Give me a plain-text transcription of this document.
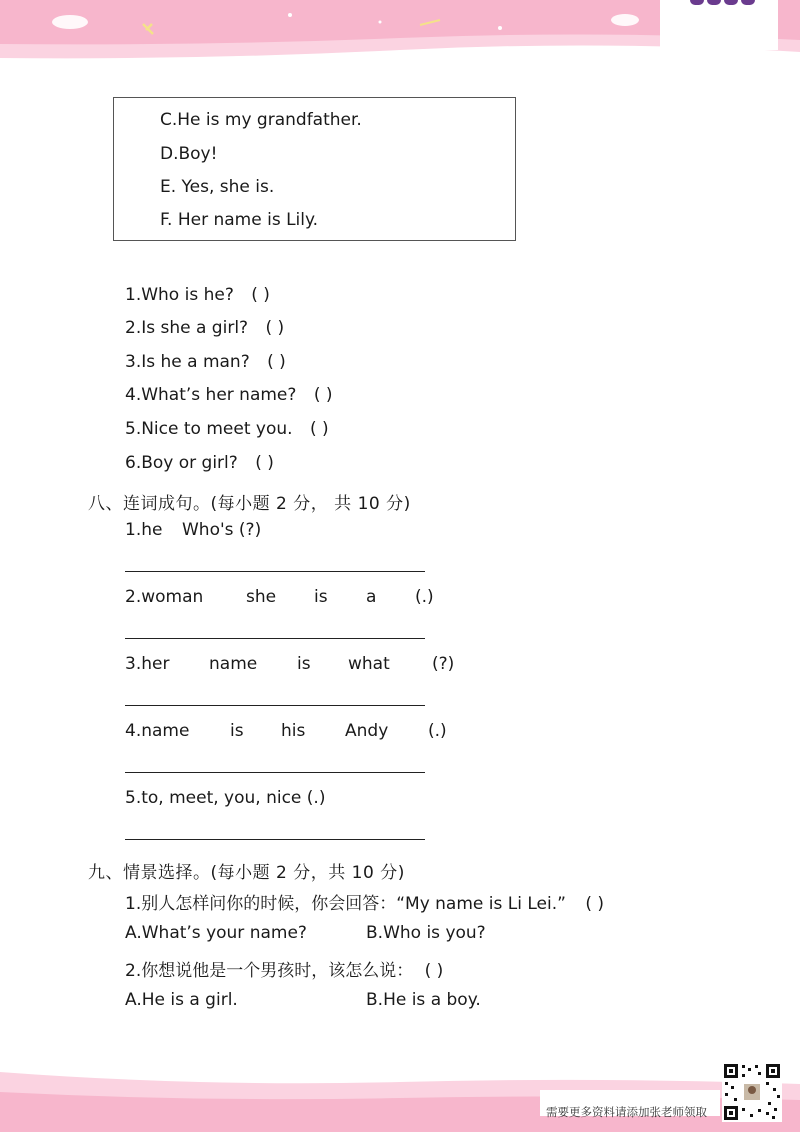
C.He is my grandfather.
D.Boy!
E. Yes, she is.
F. Her name is Lily.
1.Who is he? ( )
2.Is she a girl? ( )
3.Is he a man? ( )
4.What’s her name? ( )
5.Nice to meet you. ( )
6.Boy or girl? ( )
八、连词成句。(每小题 2 分， 共 10 分)
1.he Who's (?)
2.woman	she is a (.)
3.her name is what (?)
4.name is his Andy (.)
5.to, meet, you, nice (.)
九、情景选择。(每小题 2 分，共 10 分)
1.别人怎样问你的时候，你会回答：“My name is Li Lei.” ( )
A.What’s your name?	B.Who is you?
2.你想说他是一个男孩时，该怎么说： ( )
A.He is a girl.	B.He is a boy.
需要更多资料请添加张老师领取
